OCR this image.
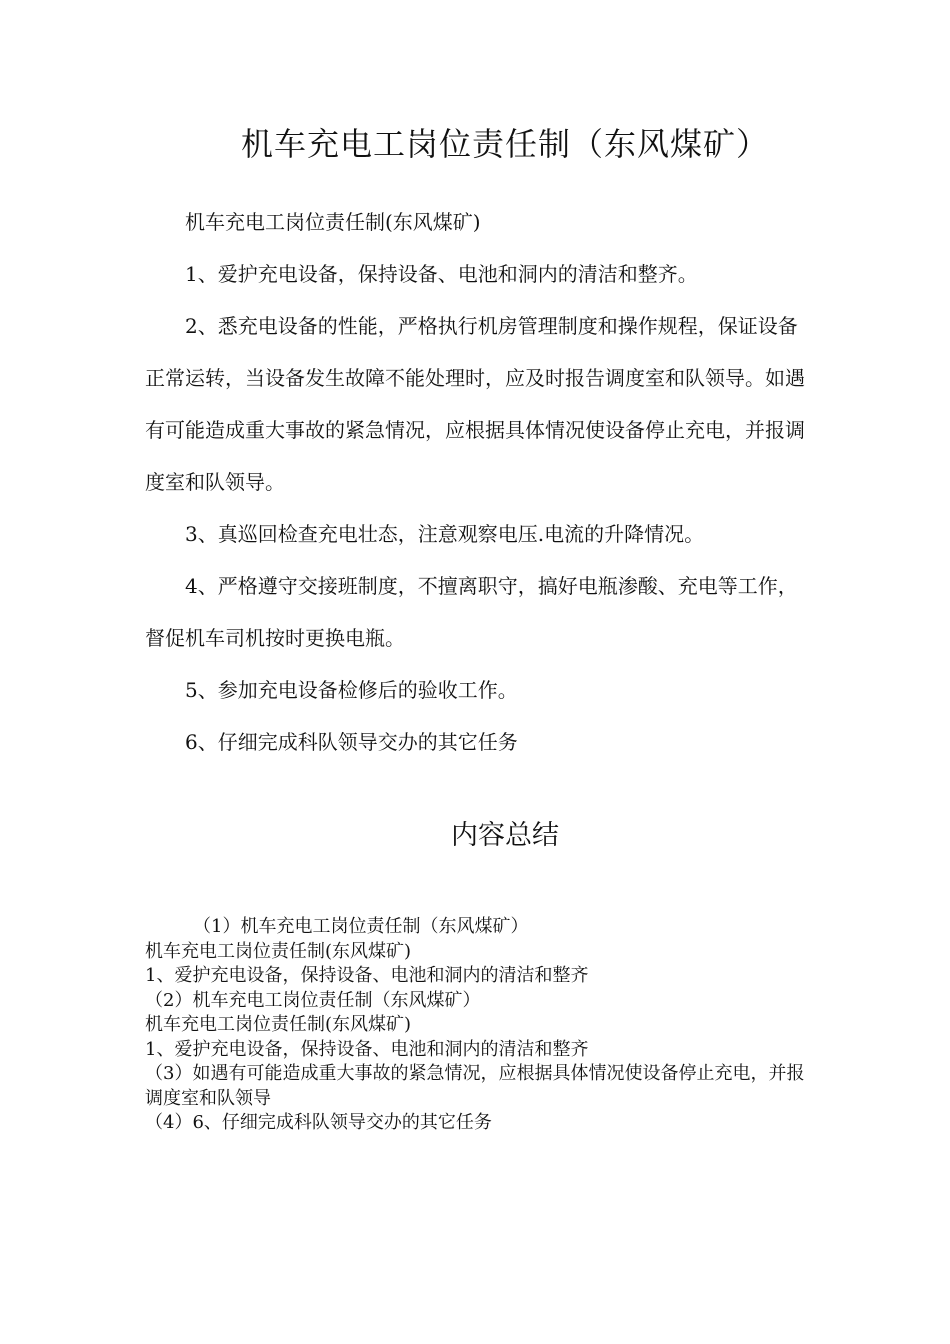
机车充电工岗位责任制（东风煤矿）

机车充电工岗位责任制(东风煤矿)

1、爱护充电设备，保持设备、电池和洞内的清洁和整齐。

2、悉充电设备的性能，严格执行机房管理制度和操作规程，保证设备正常运转，当设备发生故障不能处理时，应及时报告调度室和队领导。如遇有可能造成重大事故的紧急情况，应根据具体情况使设备停止充电，并报调度室和队领导。

3、真巡回检查充电壮态，注意观察电压.电流的升降情况。

4、严格遵守交接班制度，不擅离职守，搞好电瓶渗酸、充电等工作，督促机车司机按时更换电瓶。

5、参加充电设备检修后的验收工作。

6、仔细完成科队领导交办的其它任务

内容总结
（1）机车充电工岗位责任制（东风煤矿）
机车充电工岗位责任制(东风煤矿)
1、爱护充电设备，保持设备、电池和洞内的清洁和整齐
（2）机车充电工岗位责任制（东风煤矿）
机车充电工岗位责任制(东风煤矿)
1、爱护充电设备，保持设备、电池和洞内的清洁和整齐
（3）如遇有可能造成重大事故的紧急情况，应根据具体情况使设备停止充电，并报调度室和队领导
（4）6、仔细完成科队领导交办的其它任务
